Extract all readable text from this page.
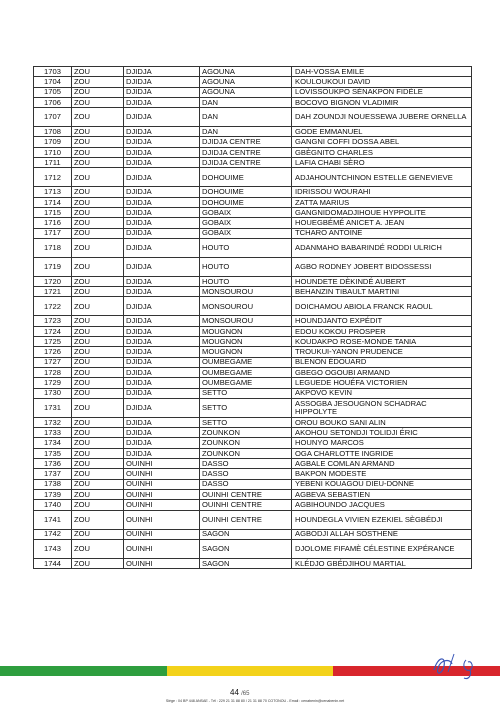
1703	ZOU	DJIDJA	AGOUNA	DAH-VOSSA EMILE
1704	ZOU	DJIDJA	AGOUNA	KOULOUKOUI DAVID
1705	ZOU	DJIDJA	AGOUNA	LOVISSOUKPO SÈNAKPON FIDÈLE
1706	ZOU	DJIDJA	DAN	BOCOVO BIGNON VLADIMIR
1707	ZOU	DJIDJA	DAN	DAH ZOUNDJI NOUESSEWA JUBERE ORNELLA
1708	ZOU	DJIDJA	DAN	GODE EMMANUEL
1709	ZOU	DJIDJA	DJIDJA CENTRE	GANGNI COFFI DOSSA ABEL
1710	ZOU	DJIDJA	DJIDJA CENTRE	GBÈGNITO CHARLES
1711	ZOU	DJIDJA	DJIDJA CENTRE	LAFIA CHABI SÈRO
1712	ZOU	DJIDJA	DOHOUIME	ADJAHOUNTCHINON ESTELLE GENEVIEVE
1713	ZOU	DJIDJA	DOHOUIME	IDRISSOU WOURAHI
1714	ZOU	DJIDJA	DOHOUIME	ZATTA MARIUS
1715	ZOU	DJIDJA	GOBAIX	GANGNIDOMADJIHOUE HYPPOLITE
1716	ZOU	DJIDJA	GOBAIX	HOUEGBÉMÉ ANICET A. JEAN
1717	ZOU	DJIDJA	GOBAIX	TCHARO ANTOINE
1718	ZOU	DJIDJA	HOUTO	ADANMAHO BABARINDÉ RODDI ULRICH
1719	ZOU	DJIDJA	HOUTO	AGBO RODNEY JOBERT BIDOSSESSI
1720	ZOU	DJIDJA	HOUTO	HOUNDETE DÈKINDÉ AUBERT
1721	ZOU	DJIDJA	MONSOUROU	BEHANZIN TIBAULT MARTINI
1722	ZOU	DJIDJA	MONSOUROU	DOICHAMOU ABIOLA FRANCK RAOUL
1723	ZOU	DJIDJA	MONSOUROU	HOUNDJANTO EXPÉDIT
1724	ZOU	DJIDJA	MOUGNON	EDOU KOKOU PROSPER
1725	ZOU	DJIDJA	MOUGNON	KOUDAKPO ROSE-MONDE TANIA
1726	ZOU	DJIDJA	MOUGNON	TROUKUI-YANON PRUDENCE
1727	ZOU	DJIDJA	OUMBEGAME	BLENON ÉDOUARD
1728	ZOU	DJIDJA	OUMBEGAME	GBEGO OGOUBI ARMAND
1729	ZOU	DJIDJA	OUMBEGAME	LEGUEDE HOUÉFA VICTORIEN
1730	ZOU	DJIDJA	SETTO	AKPOVO KEVIN
1731	ZOU	DJIDJA	SETTO	ASSOGBA JESOUGNON SCHADRAC HIPPOLYTE
1732	ZOU	DJIDJA	SETTO	OROU BOUKO SANI ALIN
1733	ZOU	DJIDJA	ZOUNKON	AKOHOU SETONDJI TOLIDJI ÉRIC
1734	ZOU	DJIDJA	ZOUNKON	HOUNYO MARCOS
1735	ZOU	DJIDJA	ZOUNKON	OGA CHARLOTTE INGRIDE
1736	ZOU	OUINHI	DASSO	AGBALE COMLAN ARMAND
1737	ZOU	OUINHI	DASSO	BAKPON MODESTE
1738	ZOU	OUINHI	DASSO	YEBENI KOUAGOU DIEU-DONNE
1739	ZOU	OUINHI	OUINHI CENTRE	AGBEVA SEBASTIEN
1740	ZOU	OUINHI	OUINHI CENTRE	AGBIHOUNDO JACQUES
1741	ZOU	OUINHI	OUINHI CENTRE	HOUNDEGLA VIVIEN EZEKIEL SÈGBÉDJI
1742	ZOU	OUINHI	SAGON	AGBODJI ALLAH SOSTHENE
1743	ZOU	OUINHI	SAGON	DJOLOME FIFAMÈ CÉLESTINE EXPÉRANCE
1744	ZOU	OUINHI	SAGON	KLÉDJO GBÉDJIHOU MARTIAL
44 /65
Siège : 04 BP 448 ANSAE - Tél : 229 21 31 88 80 / 21 31 88 70 COTONOU - Email : cenabenin@cenabenin.net
